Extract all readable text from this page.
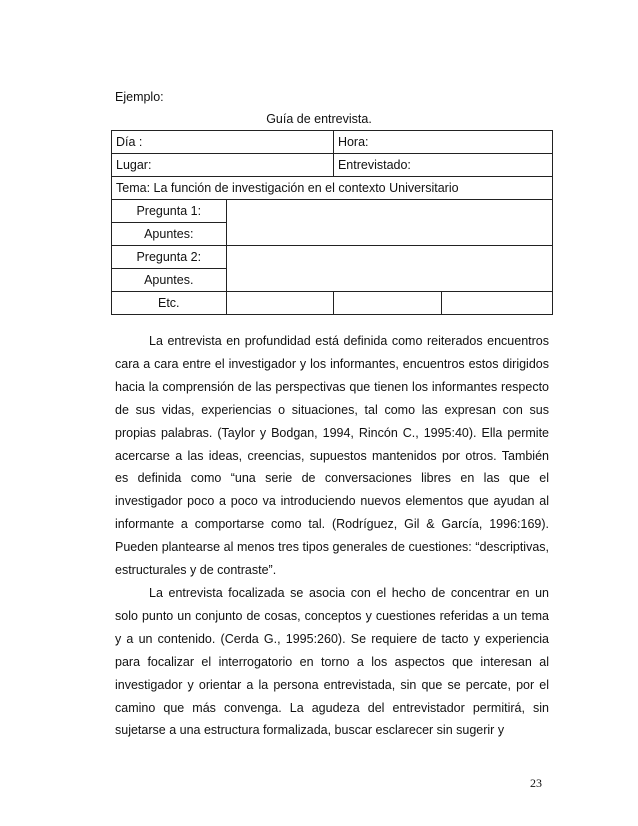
Ejemplo:
Guía de entrevista.
Día :		Hora:	
Lugar:		Entrevistado:	
Tema: La función de investigación en el contexto Universitario			
Pregunta 1:			
Apuntes:			
Pregunta 2:			
Apuntes.			
Etc.			

La entrevista en profundidad está definida como reiterados encuentros cara a cara entre el investigador y los informantes, encuentros estos dirigidos hacia la comprensión de las perspectivas que tienen los informantes respecto de sus vidas, experiencias o situaciones, tal como las expresan con sus propias palabras. (Taylor y Bodgan, 1994, Rincón C., 1995:40). Ella permite acercarse a las ideas, creencias, supuestos mantenidos por otros. También es definida como “una serie de conversaciones libres en las que el investigador poco a poco va introduciendo nuevos elementos que ayudan al informante a comportarse como tal. (Rodríguez, Gil & García, 1996:169). Pueden plantearse al menos tres tipos generales de cuestiones: “descriptivas, estructurales y de contraste”.

La entrevista focalizada se asocia con el hecho de concentrar en un solo punto un conjunto de cosas, conceptos y cuestiones referidas a un tema y a un contenido. (Cerda G., 1995:260). Se requiere de tacto y experiencia para focalizar el interrogatorio en torno a los aspectos que interesan al investigador y orientar a la persona entrevistada, sin que se percate, por el camino que más convenga. La agudeza del entrevistador permitirá, sin sujetarse a una estructura formalizada, buscar esclarecer sin sugerir y

23
